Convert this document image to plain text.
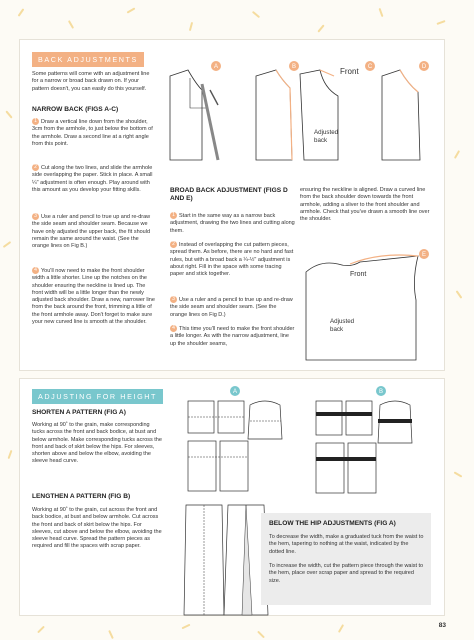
BACK ADJUSTMENTS
Some patterns will come with an adjustment line for a narrow or broad back drawn on. If your pattern doesn't, you can easily do this yourself.
NARROW BACK (FIGS A-C)
1 Draw a vertical line down from the shoulder, 3cm from the armhole, to just below the bottom of the armhole. Draw a second line at a right angle from this point.
2 Cut along the two lines, and slide the armhole side overlapping the paper. Stick in place. A small ¼" adjustment is often enough. Play around with this amount as you develop your fitting skills.
3 Use a ruler and pencil to true up and re-draw the side seam and shoulder seam. Because we have only adjusted the upper back, the fit should remain the same around the waist. (See the orange lines on Fig B.)
4 You'll now need to make the front shoulder width a little shorter. Line up the notches on the shoulder ensuring the neckline is lined up. The front width will be a little longer than the newly adjusted back shoulder. Draw a new, narrower line from the back around the front, trimming a little of the front armhole away. Don't forget to make sure your new curved line is smooth at the shoulder.
BROAD BACK ADJUSTMENT (FIGS D AND E)
1 Start in the same way as a narrow back adjustment, drawing the two lines and cutting along them.
2 Instead of overlapping the cut pattern pieces, spread them. As before, there are no hard and fast rules, but with a broad back a ¼-½" adjustment is about right. Fill in the space with some tracing paper and stick together.
3 Use a ruler and a pencil to true up and re-draw the side seam and shoulder seam. (See the orange lines on Fig D.)
4 This time you'll need to make the front shoulder a little longer. As with the narrow adjustment, line up the shoulder seams,
ensuring the neckline is aligned. Draw a curved line from the back shoulder down towards the front armhole, adding a sliver to the front shoulder and armhole. Check that you've drawn a smooth line over the shoulder.
A	B	Front
Adjusted
back
C	D
Front
Adjusted
back
E
ADJUSTING FOR HEIGHT
SHORTEN A PATTERN (FIG A)
Working at 90˚ to the grain, make corresponding tucks across the front and back bodice, at bust and below armhole. Make corresponding tucks across the front and back of skirt below the hips. For sleeves, shorten above and below the elbow, avoiding the sleeve head curve.
LENGTHEN A PATTERN (FIG B)
Working at 90˚ to the grain, cut across the front and back bodice, at bust and below armhole. Cut across the front and back of skirt below the hips. For sleeves, cut above and below the elbow, avoiding the sleeve head curve. Spread the pattern pieces as required and fill the spaces with scrap paper.
A	B
BELOW THE HIP ADJUSTMENTS (FIG A)
To decrease the width, make a graduated tuck from the waist to the hem, tapering to nothing at the waist, indicated by the dotted line.
To increase the width, cut the pattern piece through the waist to the hem, place over scrap paper and spread to the required size.
83
